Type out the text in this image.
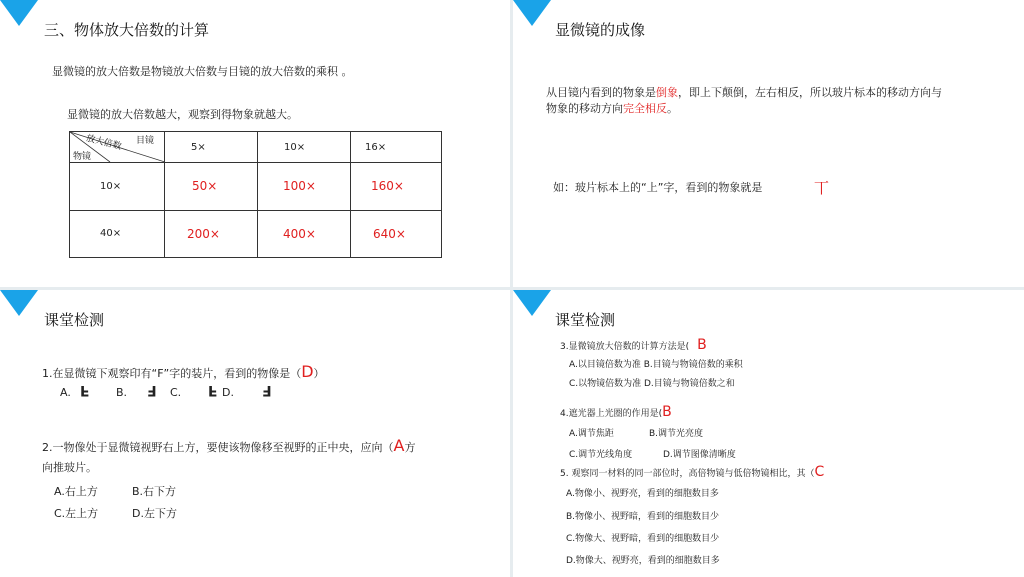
三、物体放大倍数的计算
显微镜的放大倍数是物镜放大倍数与目镜的放大倍数的乘积 。
显微镜的放大倍数越大，观察到得物象就越大。
目镜
放大倍数
物镜	5×	10×	16×
10×	50×	100×	160×
40×	200×	400×	640×
显微镜的成像
从目镜内看到的物象是倒象，即上下颠倒，左右相反，所以玻片标本的移动方向与
物象的移动方向完全相反。
如：玻片标本上的“上”字，看到的物象就是	丅
课堂检测
1.在显微镜下观察印有“F”字的装片，看到的物像是（D）
A. F B. F C. F D. F
2.一物像处于显微镜视野右上方，要使该物像移至视野的正中央，应向（A方
向推玻片。
A.右上方	B.右下方
C.左上方	D.左下方
课堂检测
3.显微镜放大倍数的计算方法是( B
A.以目镜倍数为准 B.目镜与物镜倍数的乘积
C.以物镜倍数为准 D.目镜与物镜倍数之和
4.遮光器上光圈的作用是(B
A.调节焦距	B.调节光亮度
C.调节光线角度	D.调节图像清晰度
5. 观察同一材料的同一部位时，高倍物镜与低倍物镜相比，其（C
A.物像小、视野亮，看到的细胞数目多
B.物像小、视野暗，看到的细胞数目少
C.物像大、视野暗，看到的细胞数目少
D.物像大、视野亮，看到的细胞数目多
